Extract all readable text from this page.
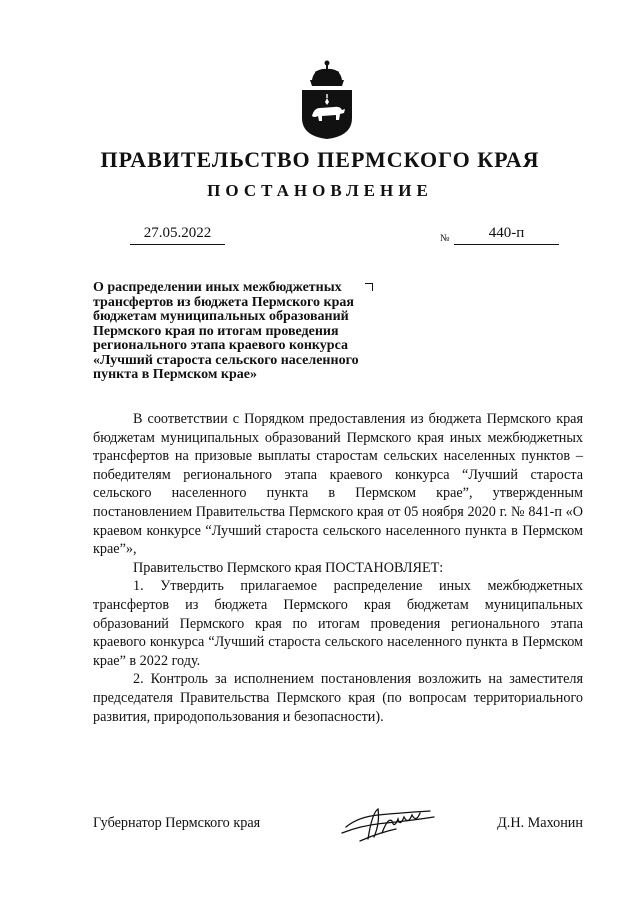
ПРАВИТЕЛЬСТВО ПЕРМСКОГО КРАЯ
ПОСТАНОВЛЕНИЕ
27.05.2022	№	440-п
О распределении иных межбюджетных трансфертов из бюджета Пермского края бюджетам муниципальных образований Пермского края по итогам проведения регионального этапа краевого конкурса «Лучший староста сельского населенного пункта в Пермском крае»

В соответствии с Порядком предоставления из бюджета Пермского края бюджетам муниципальных образований Пермского края иных межбюджетных трансфертов на призовые выплаты старостам сельских населенных пунктов – победителям регионального этапа краевого конкурса “Лучший староста сельского населенного пункта в Пермском крае”, утвержденным постановлением Правительства Пермского края от 05 ноября 2020 г. № 841-п «О краевом конкурсе “Лучший староста сельского населенного пункта в Пермском крае”»,

Правительство Пермского края ПОСТАНОВЛЯЕТ:

1. Утвердить прилагаемое распределение иных межбюджетных трансфертов из бюджета Пермского края бюджетам муниципальных образований Пермского края по итогам проведения регионального этапа краевого конкурса “Лучший староста сельского населенного пункта в Пермском крае” в 2022 году.

2. Контроль за исполнением постановления возложить на заместителя председателя Правительства Пермского края (по вопросам территориального развития, природопользования и безопасности).

Губернатор Пермского края	Д.Н. Махонин
